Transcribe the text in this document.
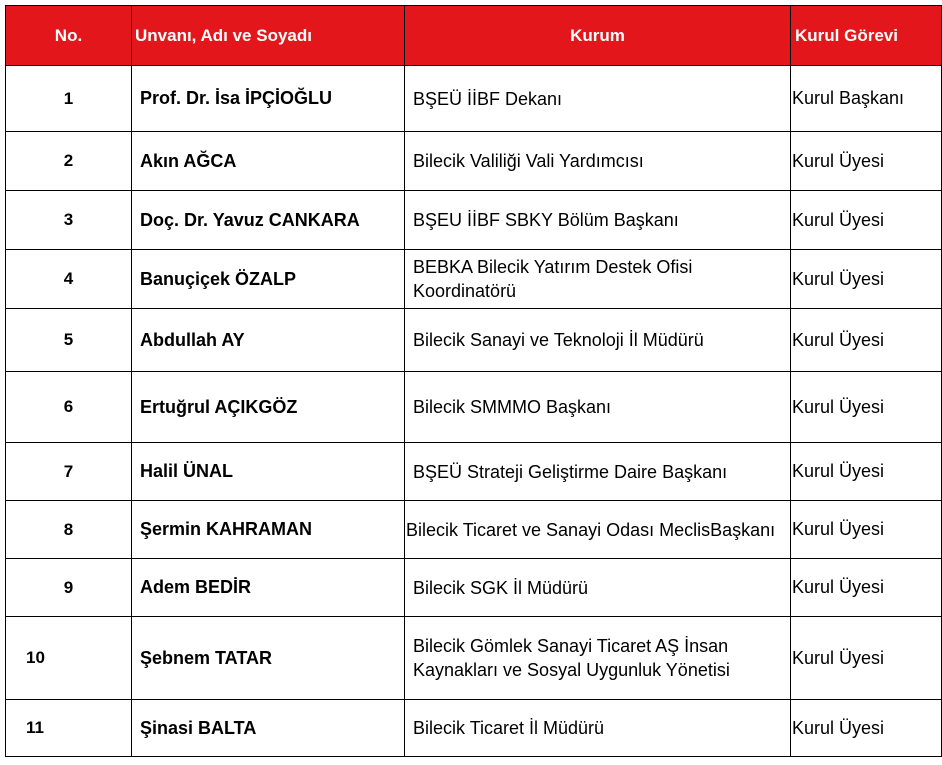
No.	Unvanı, Adı ve Soyadı	Kurum	Kurul Görevi
1	Prof. Dr. İsa İPÇİOĞLU	BŞEÜ İİBF Dekanı	Kurul Başkanı
2	Akın AĞCA	Bilecik Valiliği Vali Yardımcısı	Kurul Üyesi
3	Doç. Dr. Yavuz CANKARA	BŞEU İİBF SBKY Bölüm Başkanı	Kurul Üyesi
4	Banuçiçek ÖZALP	BEBKA Bilecik Yatırım Destek Ofisi Koordinatörü	Kurul Üyesi
5	Abdullah AY	Bilecik Sanayi ve Teknoloji İl Müdürü	Kurul Üyesi
6	Ertuğrul AÇIKGÖZ	Bilecik SMMMO Başkanı	Kurul Üyesi
7	Halil ÜNAL	BŞEÜ Strateji Geliştirme Daire Başkanı	Kurul Üyesi
8	Şermin KAHRAMAN	Bilecik Ticaret ve Sanayi Odası MeclisBaşkanı	Kurul Üyesi
9	Adem BEDİR	Bilecik SGK İl Müdürü	Kurul Üyesi
10	Şebnem TATAR	Bilecik Gömlek Sanayi Ticaret AŞ İnsan Kaynakları ve Sosyal Uygunluk Yönetisi	Kurul Üyesi
11	Şinasi BALTA	Bilecik Ticaret İl Müdürü	Kurul Üyesi
